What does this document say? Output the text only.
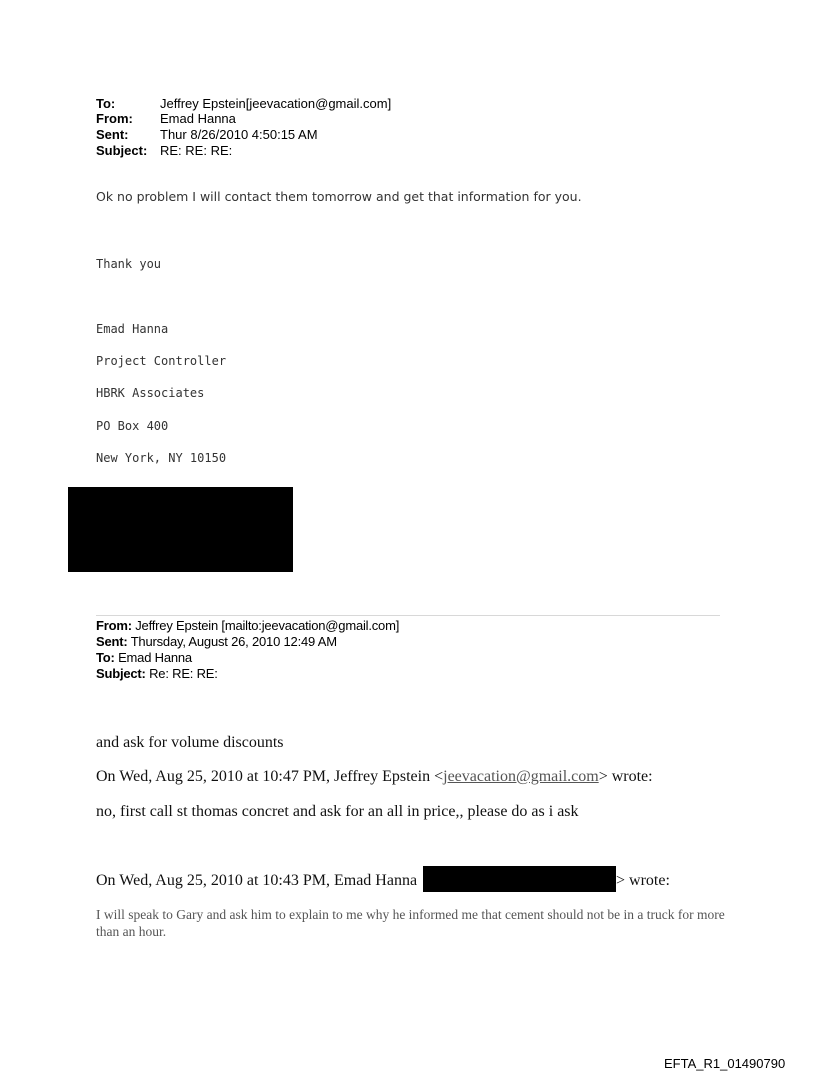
To:	Jeffrey Epstein[jeevacation@gmail.com]
From: Emad Hanna
Sent: Thur 8/26/2010 4:50:15 AM
Subject: RE: RE: RE:
Ok no problem I will contact them tomorrow and get that information for you.
Thank you
Emad Hanna
Project Controller
HBRK Associates
PO Box 400
New York, NY 10150
From: Jeffrey Epstein [mailto:jeevacation@gmail.com]
Sent: Thursday, August 26, 2010 12:49 AM
To: Emad Hanna
Subject: Re: RE: RE:
and ask for volume discounts
On Wed, Aug 25, 2010 at 10:47 PM, Jeffrey Epstein <jeevacation@gmail.com> wrote:
no, first call st thomas concret and ask for an all in price,, please do as i ask
On Wed, Aug 25, 2010 at 10:43 PM, Emad Hanna	> wrote:
I will speak to Gary and ask him to explain to me why he informed me that cement should not be in a truck for more than an hour.
EFTA_R1_01490790
